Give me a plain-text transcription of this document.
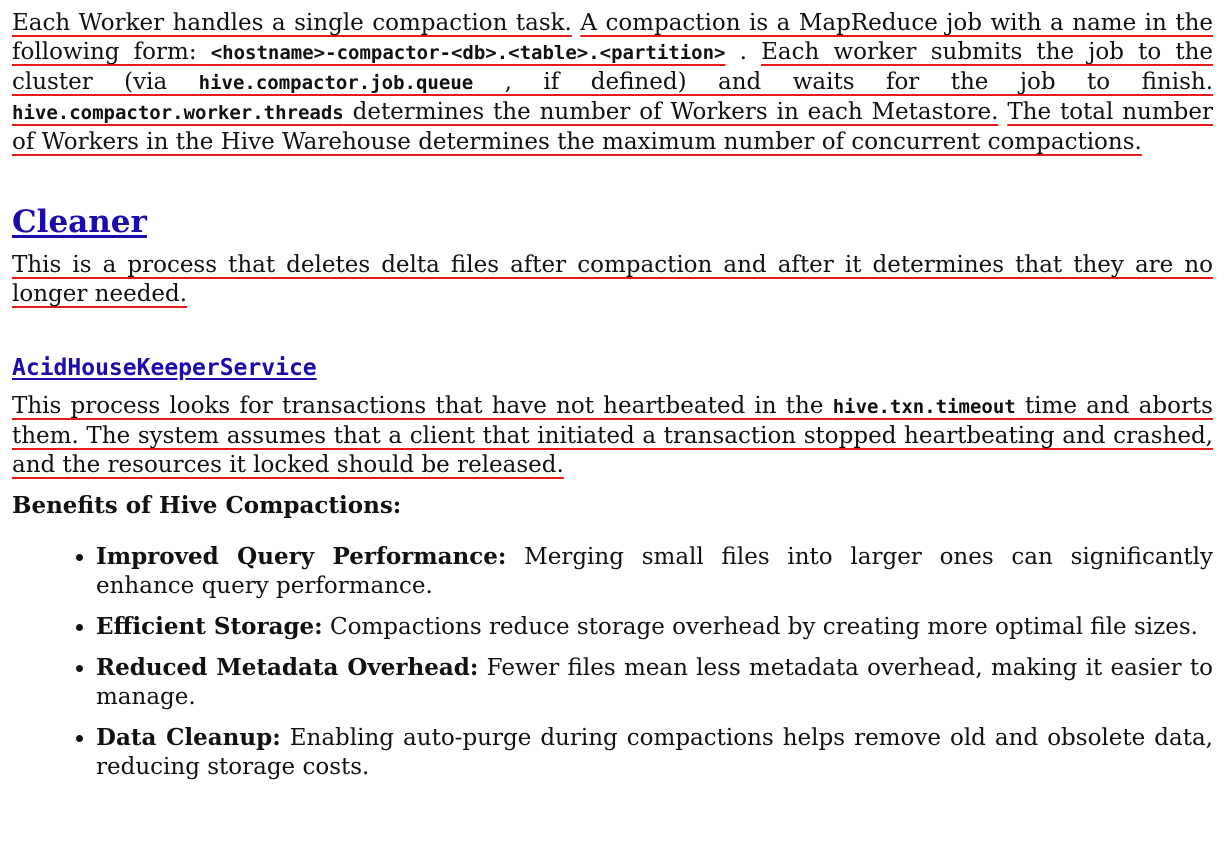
Each Worker handles a single compaction task. A compaction is a MapReduce job with a name in the following form: <hostname>-compactor-<db>.<table>.<partition> . Each worker submits the job to the cluster (via hive.compactor.job.queue , if defined) and waits for the job to finish. hive.compactor.worker.threads determines the number of Workers in each Metastore. The total number of Workers in the Hive Warehouse determines the maximum number of concurrent compactions.

Cleaner

This is a process that deletes delta files after compaction and after it determines that they are no longer needed.

AcidHouseKeeperService

This process looks for transactions that have not heartbeated in the hive.txn.timeout time and aborts them. The system assumes that a client that initiated a transaction stopped heartbeating and crashed, and the resources it locked should be released.

Benefits of Hive Compactions:
• Improved Query Performance: Merging small files into larger ones can significantly enhance query performance.
• Efficient Storage: Compactions reduce storage overhead by creating more optimal file sizes.
• Reduced Metadata Overhead: Fewer files mean less metadata overhead, making it easier to manage.
• Data Cleanup: Enabling auto-purge during compactions helps remove old and obsolete data, reducing storage costs.
